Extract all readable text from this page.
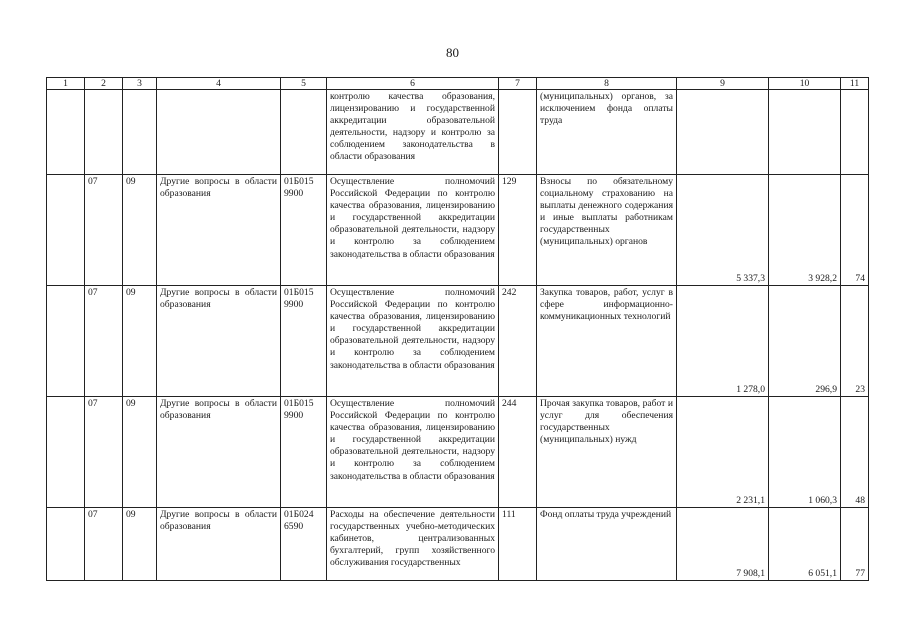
80
1	2	3	4	5	6	7	8	9	10	11
					контролю качества образования, лицензированию и государственной аккредитации образовательной деятельности, надзору и контролю за соблюдением законодательства в области образования		(муниципальных) органов, за исключением фонда оплаты труда			
	07	09	Другие вопросы в области образования	01Б015 9900	Осуществление полномочий Российской Федерации по контролю качества образования, лицензированию и государственной аккредитации образовательной деятельности, надзору и контролю за соблюдением законодательства в области образования	129	Взносы по обязательному социальному страхованию на выплаты денежного содержания и иные выплаты работникам государственных (муниципальных) органов	5 337,3	3 928,2	74
	07	09	Другие вопросы в области образования	01Б015 9900	Осуществление полномочий Российской Федерации по контролю качества образования, лицензированию и государственной аккредитации образовательной деятельности, надзору и контролю за соблюдением законодательства в области образования	242	Закупка товаров, работ, услуг в сфере информационно-коммуникационных технологий	1 278,0	296,9	23
	07	09	Другие вопросы в области образования	01Б015 9900	Осуществление полномочий Российской Федерации по контролю качества образования, лицензированию и государственной аккредитации образовательной деятельности, надзору и контролю за соблюдением законодательства в области образования	244	Прочая закупка товаров, работ и услуг для обеспечения государственных (муниципальных) нужд	2 231,1	1 060,3	48
	07	09	Другие вопросы в области образования	01Б024 6590	Расходы на обеспечение деятельности государственных учебно-методических кабинетов, централизованных бухгалтерий, групп хозяйственного обслуживания государственных	111	Фонд оплаты труда учреждений	7 908,1	6 051,1	77
